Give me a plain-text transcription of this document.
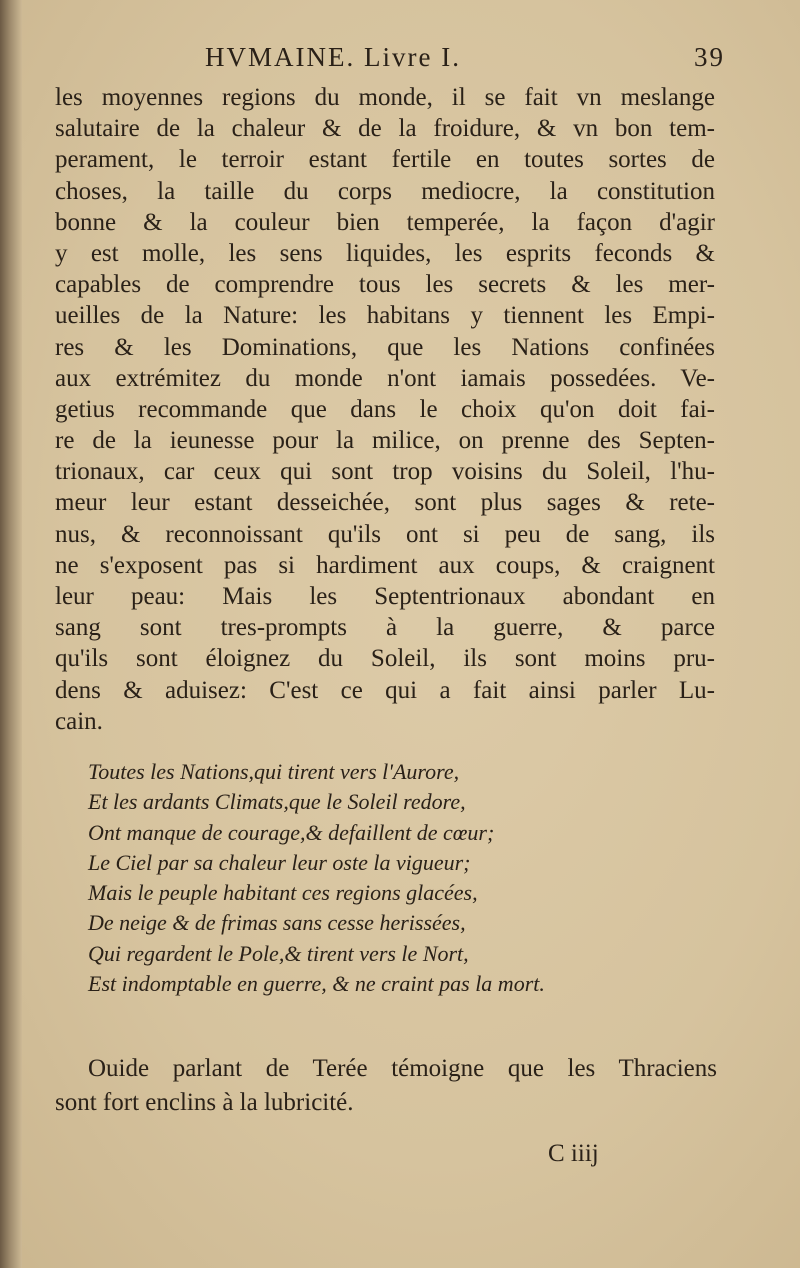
HVMAINE. Livre I.	39
les moyennes regions du monde, il se fait vn meslange
salutaire de la chaleur & de la froidure, & vn bon tem-
perament, le terroir estant fertile en toutes sortes de
choses, la taille du corps mediocre, la constitution
bonne & la couleur bien temperée, la façon d'agir
y est molle, les sens liquides, les esprits feconds &
capables de comprendre tous les secrets & les mer-
ueilles de la Nature: les habitans y tiennent les Empi-
res & les Dominations, que les Nations confinées
aux extrémitez du monde n'ont iamais possedées. Ve-
getius recommande que dans le choix qu'on doit fai-
re de la ieunesse pour la milice, on prenne des Septen-
trionaux, car ceux qui sont trop voisins du Soleil, l'hu-
meur leur estant desseichée, sont plus sages & rete-
nus, & reconnoissant qu'ils ont si peu de sang, ils
ne s'exposent pas si hardiment aux coups, & craignent
leur peau: Mais les Septentrionaux abondant en
sang sont tres-prompts à la guerre, & parce
qu'ils sont éloignez du Soleil, ils sont moins pru-
dens & aduisez: C'est ce qui a fait ainsi parler Lu-
cain.
Toutes les Nations,qui tirent vers l'Aurore,
Et les ardants Climats,que le Soleil redore,
Ont manque de courage,& defaillent de cœur;
Le Ciel par sa chaleur leur oste la vigueur;
Mais le peuple habitant ces regions glacées,
De neige & de frimas sans cesse herissées,
Qui regardent le Pole,& tirent vers le Nort,
Est indomptable en guerre, & ne craint pas la mort.
Ouide parlant de Terée témoigne que les Thraciens
sont fort enclins à la lubricité.
C iiij
